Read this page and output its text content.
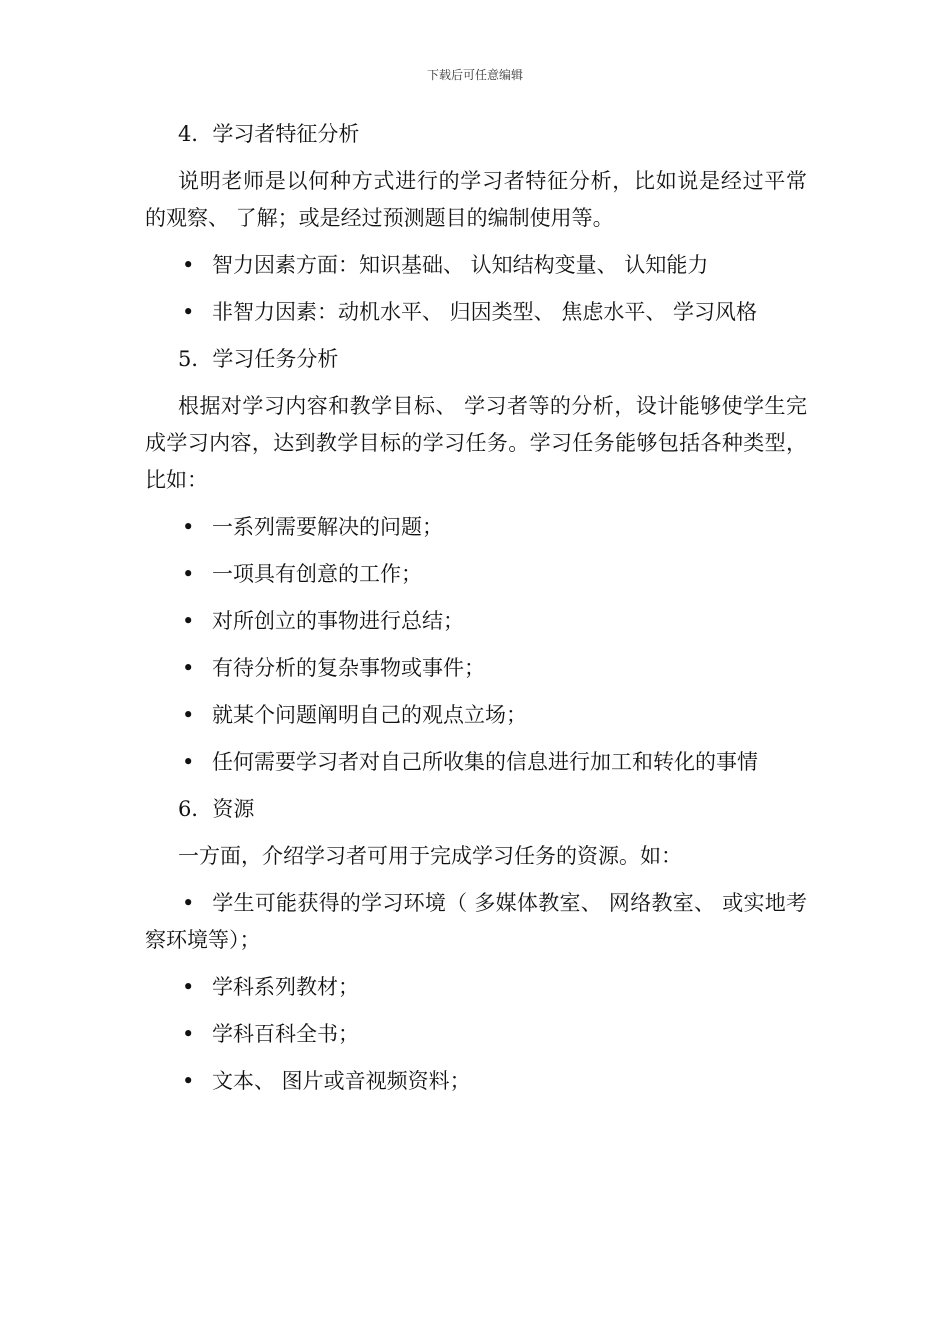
下载后可任意编辑

4．学习者特征分析

说明老师是以何种方式进行的学习者特征分析，比如说是经过平常的观察、 了解；或是经过预测题目的编制使用等。

• 智力因素方面：知识基础、 认知结构变量、 认知能力

• 非智力因素：动机水平、 归因类型、 焦虑水平、 学习风格

5．学习任务分析

根据对学习内容和教学目标、 学习者等的分析，设计能够使学生完成学习内容，达到教学目标的学习任务。学习任务能够包括各种类型，比如：

• 一系列需要解决的问题；

• 一项具有创意的工作；

• 对所创立的事物进行总结；

• 有待分析的复杂事物或事件；

• 就某个问题阐明自己的观点立场；

• 任何需要学习者对自己所收集的信息进行加工和转化的事情

6．资源

一方面，介绍学习者可用于完成学习任务的资源。如：

• 学生可能获得的学习环境（ 多媒体教室、 网络教室、 或实地考察环境等）；

• 学科系列教材；

• 学科百科全书；

• 文本、 图片或音视频资料；
